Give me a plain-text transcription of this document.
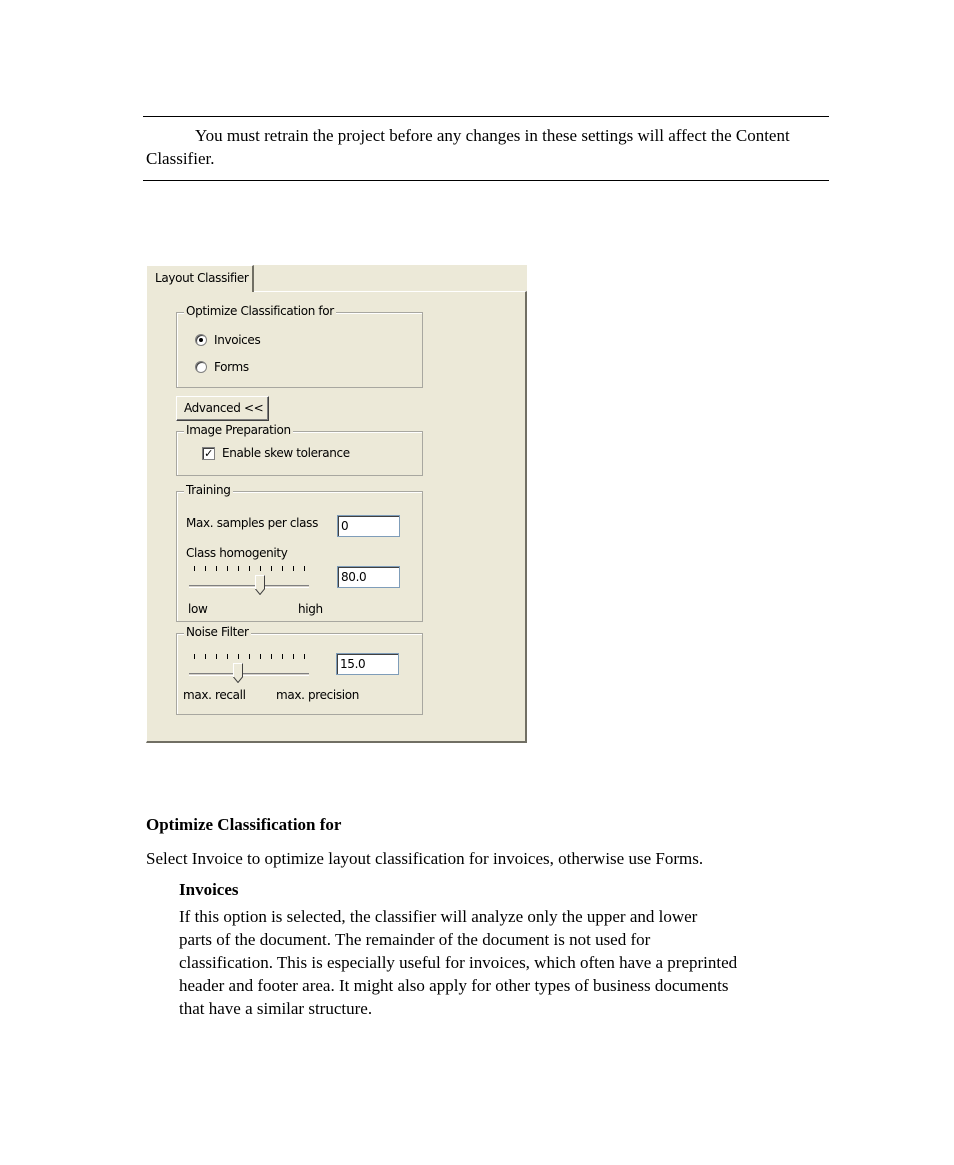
You must retrain the project before any changes in these settings will affect the Content Classifier.
Layout Classifier
Optimize Classification for
Invoices
Forms
Advanced <<
Image Preparation
✓ Enable skew tolerance
Training
Max. samples per class	0
Class homogenity
80.0
low	high
Noise Filter
15.0
max. recall	max. precision
Optimize Classification for
Select Invoice to optimize layout classification for invoices, otherwise use Forms.
Invoices
If this option is selected, the classifier will analyze only the upper and lower
parts of the document. The remainder of the document is not used for
classification. This is especially useful for invoices, which often have a preprinted
header and footer area. It might also apply for other types of business documents
that have a similar structure.
